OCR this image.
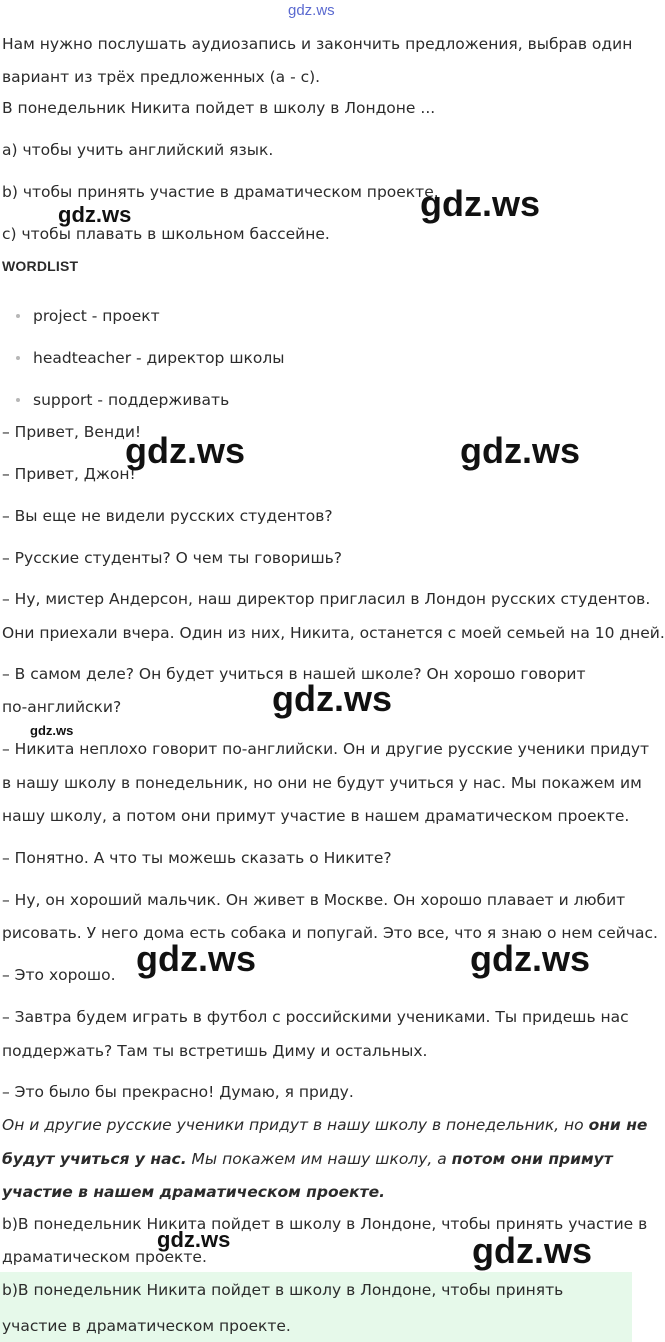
gdz.ws
Нам нужно послушать аудиозапись и закончить предложения, выбрав один
вариант из трёх предложенных (a - c).
В понедельник Никита пойдет в школу в Лондоне ...
a) чтобы учить английский язык.
b) чтобы принять участие в драматическом проекте.
c) чтобы плавать в школьном бассейне.
gdz.ws	gdz.ws
WORDLIST
project - проект
headteacher - директор школы
support - поддерживать
– Привет, Венди!
– Привет, Джон!
gdz.ws	gdz.ws
– Вы еще не видели русских студентов?
– Русские студенты? О чем ты говоришь?
– Ну, мистер Андерсон, наш директор пригласил в Лондон русских студентов.
Они приехали вчера. Один из них, Никита, останется с моей семьей на 10 дней.
– В самом деле? Он будет учиться в нашей школе? Он хорошо говорит
по-английски?	gdz.ws
gdz.ws
– Никита неплохо говорит по-английски. Он и другие русские ученики придут
в нашу школу в понедельник, но они не будут учиться у нас. Мы покажем им
нашу школу, а потом они примут участие в нашем драматическом проекте.
– Понятно. А что ты можешь сказать о Никите?
– Ну, он хороший мальчик. Он живет в Москве. Он хорошо плавает и любит
рисовать. У него дома есть собака и попугай. Это все, что я знаю о нем сейчас.
– Это хорошо. gdz.ws	gdz.ws
– Завтра будем играть в футбол с российскими учениками. Ты придешь нас
поддержать? Там ты встретишь Диму и остальных.
– Это было бы прекрасно! Думаю, я приду.
Он и другие русские ученики придут в нашу школу в понедельник, но они не
будут учиться у нас. Мы покажем им нашу школу, а потом они примут
участие в нашем драматическом проекте.
b)В понедельник Никита пойдет в школу в Лондоне, чтобы принять участие в
драматическом проекте.
gdz.ws	gdz.ws
b)В понедельник Никита пойдет в школу в Лондоне, чтобы принять
участие в драматическом проекте.
